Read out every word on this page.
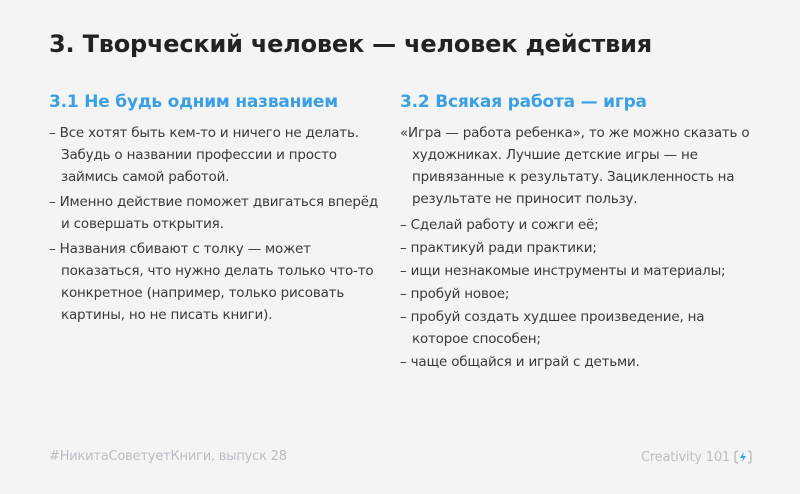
3. Творческий человек — человек действия
3.1 Не будь одним названием
– Все хотят быть кем-то и ничего не делать. Забудь о названии профессии и просто займись самой работой.
– Именно действие поможет двигаться вперёд и совершать открытия.
– Названия сбивают с толку — может показаться, что нужно делать только что-то конкретное (например, только рисовать картины, но не писать книги).
3.2 Всякая работа — игра

«Игра — работа ребенка», то же можно сказать о художниках. Лучшие детские игры — не привязанные к результату. Зацикленность на результате не приносит пользу.

– Сделай работу и сожги её;
– практикуй ради практики;
– ищи незнакомые инструменты и материалы;
– пробуй новое;
– пробуй создать худшее произведение, на которое способен;
– чаще общайся и играй с детьми.
#НикитаСоветуетКниги, выпуск 28	Creativity 101
